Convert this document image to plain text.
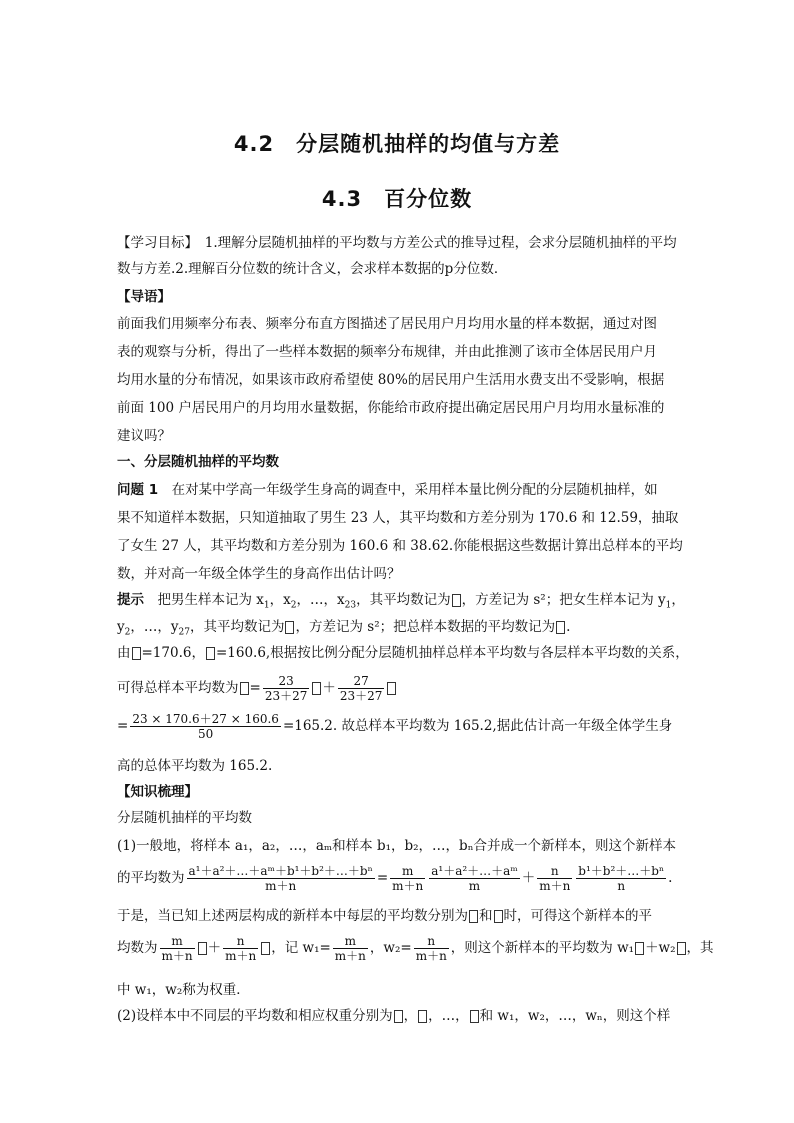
4.2　分层随机抽样的均值与方差
4.3　百分位数
【学习目标】　1.理解分层随机抽样的平均数与方差公式的推导过程，会求分层随机抽样的平均
数与方差.2.理解百分位数的统计含义，会求样本数据的p分位数．
【导语】
前面我们用频率分布表、频率分布直方图描述了居民用户月均用水量的样本数据，通过对图
表的观察与分析，得出了一些样本数据的频率分布规律，并由此推测了该市全体居民用户月
均用水量的分布情况，如果该市政府希望使 80%的居民用户生活用水费支出不受影响，根据
前面 100 户居民用户的月均用水量数据，你能给市政府提出确定居民用户月均用水量标准的
建议吗？
一、分层随机抽样的平均数
问题 1　在对某中学高一年级学生身高的调查中，采用样本量比例分配的分层随机抽样，如
果不知道样本数据，只知道抽取了男生 23 人，其平均数和方差分别为 170.6 和 12.59，抽取
了女生 27 人，其平均数和方差分别为 160.6 和 38.62.你能根据这些数据计算出总样本的平均
数，并对高一年级全体学生的身高作出估计吗？
提示　把男生样本记为 $x_1$，$x_2$，…，$x_{23}$，其平均数记为 ，方差记为 s²；把女生样本记为 $y_1$，
$y_2$，…，$y_{27}$，其平均数记为 ，方差记为 s²；把总样本数据的平均数记为 .
由 =170.6， =160.6,根据按比例分配分层随机抽样总样本平均数与各层样本平均数的关系，
可得总样本平均数为 = $\frac{23}{23+27} + \frac{27}{23+27}$
= $\frac{23 \times 170.6+27 \times 160.6}{50} =165.2$. 故总样本平均数为 165.2,据此估计高一年级全体学生身
高的总体平均数为 165.2.
【知识梳理】
分层随机抽样的平均数
(1)一般地，将样本 a₁，a₂，…，aₘ和样本 b₁，b₂，…，bₙ合并成一个新样本，则这个新样本
的平均数为 $\frac{\text{a¹＋a²＋…＋aᵐ＋b¹＋b²＋…＋bⁿ}}{m+n} = \frac{m}{m+n} \frac{\text{a¹＋a²＋…＋aᵐ}}{m} + \frac{n}{m+n} \frac{\text{b¹＋b²＋…＋bⁿ}}{n}$ .
于是，当已知上述两层构成的新样本中每层的平均数分别为 和 时，可得这个新样本的平
均数为 $\frac{m}{m+n} + \frac{n}{m+n}$ ，记 $w_1= \frac{m}{m+n}$ ，$w_2= \frac{n}{m+n}$ ，则这个新样本的平均数为 w₁ ＋w₂ ，其
中 w₁，w₂称为权重．
(2)设样本中不同层的平均数和相应权重分别为 ， ，…， 和 w₁，w₂，…，wₙ，则这个样
